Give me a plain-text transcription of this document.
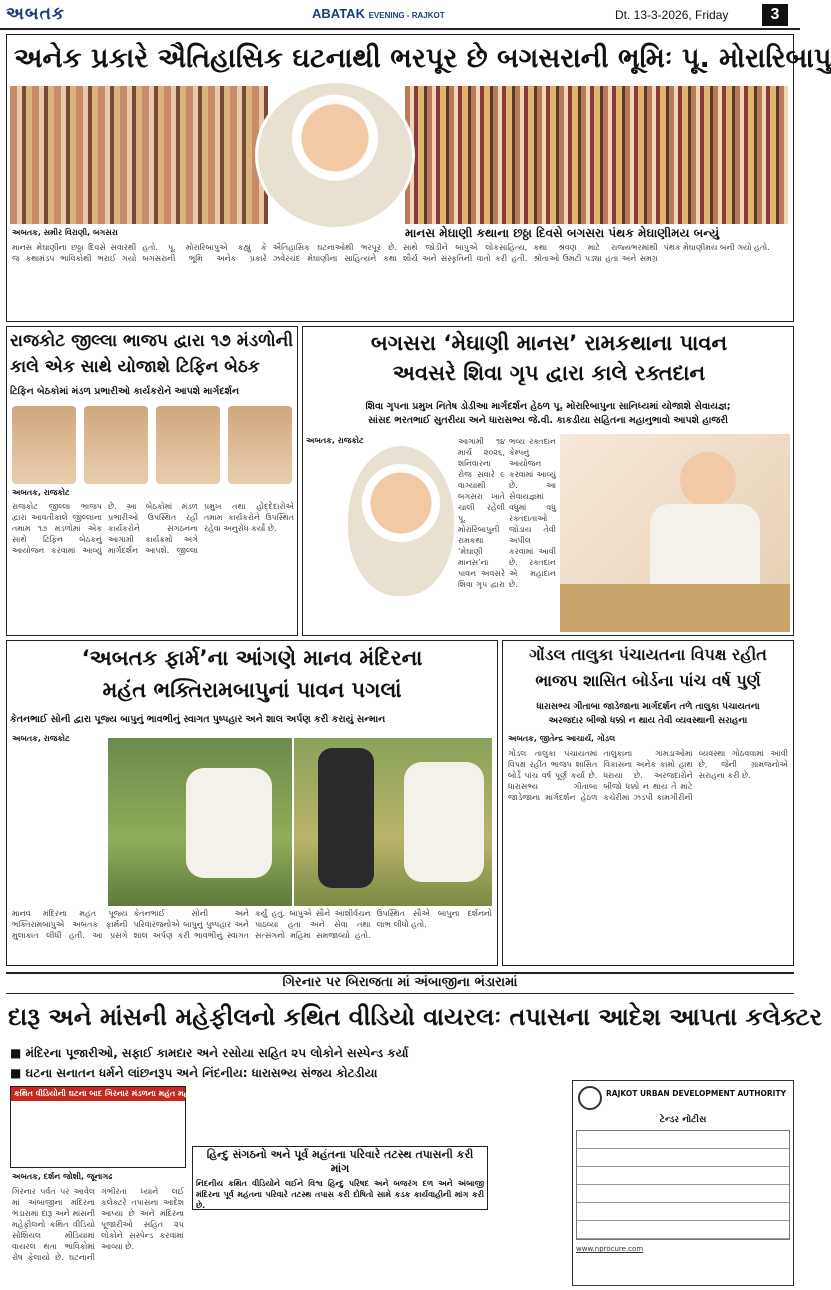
અબતક	ABATAK EVENING - RAJKOT	Dt. 13-3-2026, Friday	3
અનેક પ્રકારે ઐતિહાસિક ઘટનાથી ભરપૂર છે બગસરાની ભૂમિઃ પૂ. મોરારિબાપુ
માનસ મેઘાણી કથાના છઠ્ઠા દિવસે બગસરા પંથક મેઘાણીમય બન્યું
અબતક, સમીર વિરાણી, બગસરા
માનસ મેઘાણીના છઠ્ઠા દિવસે સવારથી જ કથામંડપ ભાવિકોથી ભરાઈ ગયો હતો. પૂ. મોરારિબાપુએ કહ્યું કે બગસરાની ભૂમિ અનેક પ્રકારે ઐતિહાસિક ઘટનાઓથી ભરપૂર છે. ઝવેરચંદ મેઘાણીના સાહિત્યને કથા સાથે જોડીને બાપુએ લોકસાહિત્ય, શૌર્ય અને સંસ્કૃતિની વાતો કરી હતી. કથા શ્રવણ માટે રાજ્યભરમાંથી શ્રોતાઓ ઉમટી પડ્યા હતા અને સમગ્ર પંથક મેઘાણીમય બની ગયો હતો.
રાજકોટ જીલ્લા ભાજપ દ્વારા ૧૭ મંડળોની
કાલે એક સાથે યોજાશે ટિફિન બેઠક
ટિફિન બેઠકોમાં મંડળ પ્રભારીઓ કાર્યકરોને આપશે માર્ગદર્શન
અબતક, રાજકોટ
રાજકોટ જીલ્લા ભાજપ દ્વારા આવતીકાલે જીલ્લાના તમામ ૧૭ મંડળોમાં એક સાથે ટિફિન બેઠકનું આયોજન કરવામાં આવ્યું છે. આ બેઠકોમાં મંડળ પ્રભારીઓ ઉપસ્થિત રહી કાર્યકરોને સંગઠનના આગામી કાર્યક્રમો અંગે માર્ગદર્શન આપશે. જીલ્લા પ્રમુખ તથા હોદ્દેદારોએ તમામ કાર્યકરોને ઉપસ્થિત રહેવા અનુરોધ કર્યો છે.
બગસરા ‘મેઘાણી માનસ’ રામકથાના પાવન
અવસરે શિવા ગૃપ દ્વારા કાલે રક્તદાન
શિવા ગૃપના પ્રમુખ નિતેષ ડોડીઆ માર્ગદર્શન હેઠળ પૂ. મોરારિબાપુના સાનિધ્યમાં યોજાશે સેવાયજ્ઞ;
સાંસદ ભરતભાઈ સુતરીયા અને ધારાસભ્ય જે.વી. કાકડીયા સહિતના મહાનુભાવો આપશે હાજરી
અબતક, રાજકોટ	આગામી ૧૪ માર્ચ ૨૦૨૬, શનિવારના રોજ સવારે ૯ વાગ્યાથી બગસરા ખાતે ચાલી રહેલી પૂ. મોરારિબાપુની રામકથા ‘મેઘાણી માનસ’ના પાવન અવસરે શિવા ગૃપ દ્વારા ભવ્ય રક્તદાન કેમ્પનું આયોજન કરવામાં આવ્યું છે. આ સેવાયજ્ઞમાં વધુમાં વધુ રક્તદાતાઓ જોડાય તેવી અપીલ કરવામાં આવી છે. રક્તદાન એ મહાદાન છે.
‘અબતક ફાર્મ’ના આંગણે માનવ મંદિરના
મહંત ભક્તિરામબાપુનાં પાવન પગલાં
કેતનભાઈ સોની દ્વારા પૂજ્ય બાપુનું ભાવભીનું સ્વાગત પુષ્પહાર અને શાલ અર્પણ કરી કરાયું સન્માન
અબતક, રાજકોટ
માનવ મંદિરના મહંત પૂજ્ય ભક્તિરામબાપુએ અબતક ફાર્મની મુલાકાત લીધી હતી. આ પ્રસંગે કેતનભાઈ સોની અને પરિવારજનોએ બાપુનું પુષ્પહાર અને શાલ અર્પણ કરી ભાવભીનું સ્વાગત કર્યું હતું. બાપુએ સૌને આશીર્વચન પાઠવ્યા હતા અને સેવા તથા સત્સંગનો મહિમા સમજાવ્યો હતો. ઉપસ્થિત સૌએ બાપુના દર્શનનો લાભ લીધો હતો.
ગોંડલ તાલુકા પંચાયતના વિપક્ષ રહીત
ભાજપ શાસિત બોર્ડના પાંચ વર્ષ પુર્ણ
ધારાસભ્ય ગીતાબા જાડેજાના માર્ગદર્શન તળે તાલુકા પંચાયતના
અરજદાર બીજો ધક્કો ન થાય તેવી વ્યવસ્થાની સરાહના
અબતક, જીતેન્દ્ર આચાર્ય, ગોંડલ
ગોંડલ તાલુકા પંચાયતમાં વિપક્ષ રહીત ભાજપ શાસિત બોર્ડે પાંચ વર્ષ પૂર્ણ કર્યા છે. ધારાસભ્ય ગીતાબા જાડેજાના માર્ગદર્શન હેઠળ તાલુકાના ગામડાઓમાં વિકાસના અનેક કામો હાથ ધરાયા છે. અરજદારોને બીજો ધક્કો ન થાય તે માટે કચેરીમાં ઝડપી કામગીરીની વ્યવસ્થા ગોઠવવામાં આવી છે, જેની ગ્રામજનોએ સરાહના કરી છે.
ગિરનાર પર બિરાજતા માં અંબાજીના ભંડારામાં
દારૂ અને માંસની મહેફીલનો કથિત વીડિયો વાયરલઃ તપાસના આદેશ આપતા કલેક્ટર
■ મંદિરના પૂજારીઓ, સફાઈ કામદાર અને રસોયા સહિત ૨૫ લોકોને સસ્પેન્ડ કર્યા
■ ઘટના સનાતન ધર્મને લાંછનરૂપ અને નિંદનીય: ધારાસભ્ય સંજય કોટડીયા
કથિત વીડિયોની ઘટના બાદ ગિરનાર મંડળના મહંત મહાશંકરગીરી
અબતક, દર્શન જોશી, જૂનાગઢ
ગિરનાર પર્વત પર આવેલ માં અંબાજીના મંદિરના ભંડારામાં દારૂ અને માંસની મહેફીલનો કથિત વીડિયો સોશિયલ મીડિયામાં વાયરલ થતા ભાવિકોમાં રોષ ફેલાયો છે. ઘટનાની ગંભીરતા ધ્યાને લઈ કલેક્ટરે તપાસના આદેશ આપ્યા છે અને મંદિરના પૂજારીઓ સહિત ૨૫ લોકોને સસ્પેન્ડ કરવામાં આવ્યા છે.
હિન્દુ સંગઠનો અને પૂર્વ મહંતના પરિવારે તટસ્થ તપાસની કરી માંગ
નિંદનીય કથિત વીડિયોને લઈને વિશ્વ હિન્દુ પરિષદ અને બજરંગ દળ અને અંબાજી મંદિરના પૂર્વ મહંતના પરિવારે તટસ્થ તપાસ કરી દોષિતો સામે કડક કાર્યવાહીની માંગ કરી છે.
RAJKOT URBAN DEVELOPMENT AUTHORITY
ટેન્ડર નોટીસ
www.nprocure.com
